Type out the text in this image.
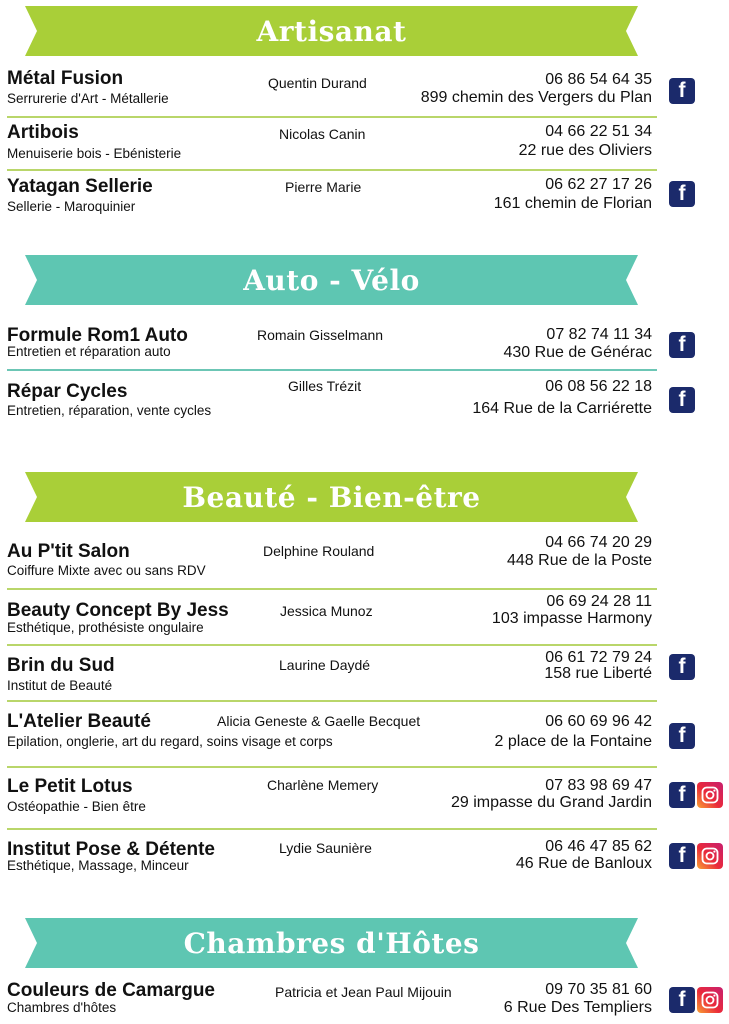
Artisanat
Métal Fusion
Serrurerie d'Art - Métallerie
Quentin Durand	06 86 54 64 35
899 chemin des Vergers du Plan	f
Artibois
Menuiserie bois - Ebénisterie
Nicolas Canin	04 66 22 51 34
22 rue des Oliviers
Yatagan Sellerie
Sellerie - Maroquinier
Pierre Marie	06 62 27 17 26
161 chemin de Florian	f
Auto - Vélo
Formule Rom1 Auto
Entretien et réparation auto
Romain Gisselmann	07 82 74 11 34
430 Rue de Générac	f
Répar Cycles
Entretien, réparation, vente cycles
Gilles Trézit	06 08 56 22 18
164 Rue de la Carriérette	f
Beauté - Bien-être
Au P'tit Salon
Coiffure Mixte avec ou sans RDV
Delphine Rouland	04 66 74 20 29
448 Rue de la Poste
Beauty Concept By Jess
Esthétique, prothésiste ongulaire
Jessica Munoz
06 69 24 28 11
103 impasse Harmony
Brin du Sud
Institut de Beauté
Laurine Daydé	06 61 72 79 24
158 rue Liberté	f
L'Atelier Beauté
Epilation, onglerie, art du regard, soins visage et corps
Alicia Geneste & Gaelle Becquet	06 60 69 96 42
2 place de la Fontaine	f
Le Petit Lotus
Ostéopathie - Bien être
Charlène Memery	07 83 98 69 47
29 impasse du Grand Jardin	f
Institut Pose & Détente
Esthétique, Massage, Minceur
Lydie Saunière	06 46 47 85 62
46 Rue de Banloux	f
Chambres d'Hôtes
Couleurs de Camargue
Chambres d'hôtes
Patricia et Jean Paul Mijouin	09 70 35 81 60
6 Rue Des Templiers	f
